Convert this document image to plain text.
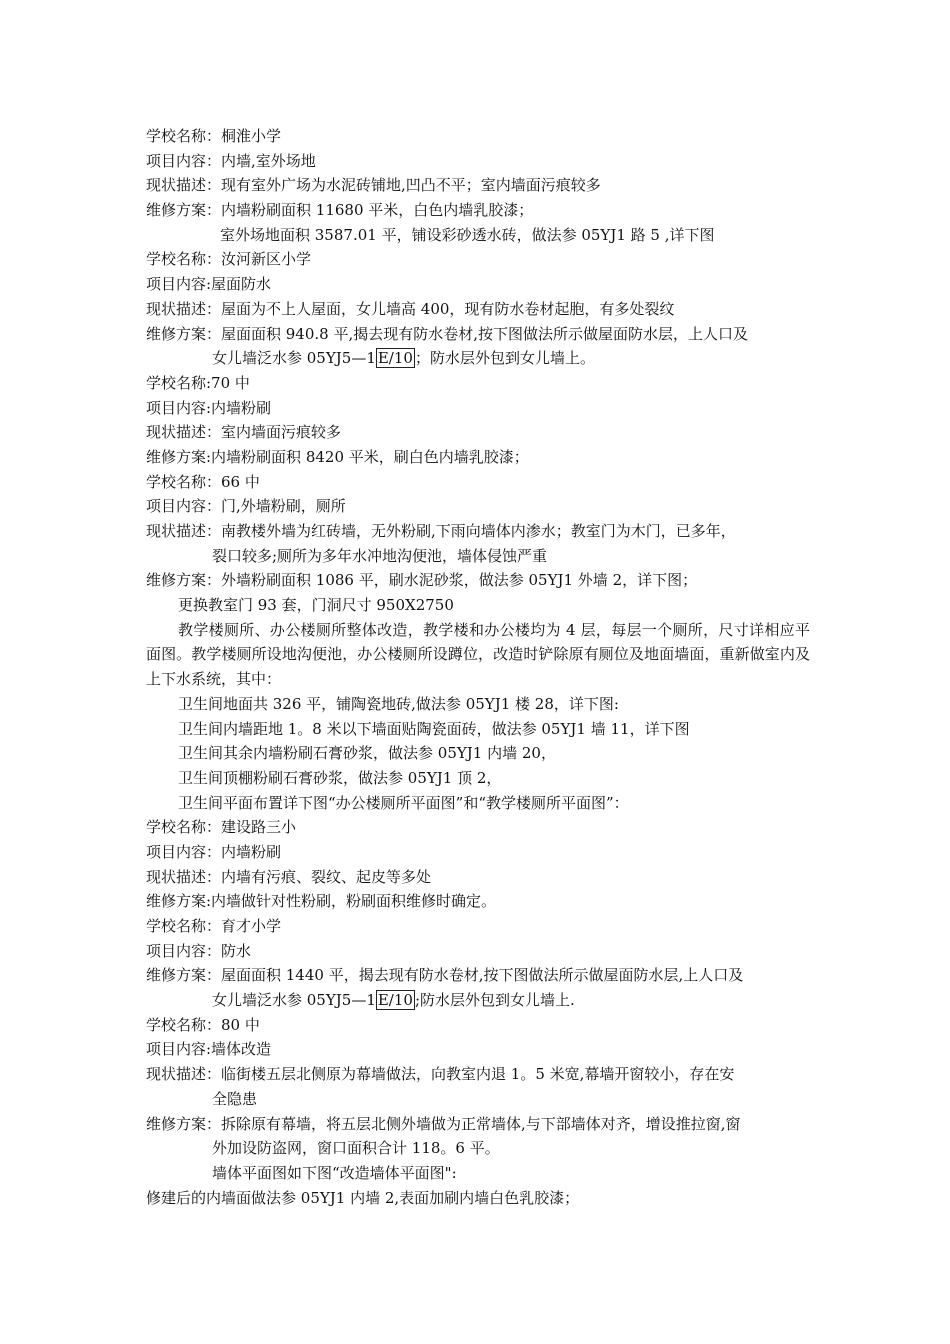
学校名称：桐淮小学
项目内容：内墙,室外场地
现状描述：现有室外广场为水泥砖铺地,凹凸不平；室内墙面污痕较多
维修方案：内墙粉刷面积 11680 平米，白色内墙乳胶漆；
室外场地面积 3587.01 平，铺设彩砂透水砖，做法参 05YJ1 路 5 ,详下图
学校名称：汝河新区小学
项目内容:屋面防水
现状描述：屋面为不上人屋面，女儿墙高 400，现有防水卷材起胞，有多处裂纹
维修方案：屋面面积 940.8 平,揭去现有防水卷材,按下图做法所示做屋面防水层，上人口及
女儿墙泛水参 05YJ5—1 E/10 ；防水层外包到女儿墙上。
学校名称:70 中
项目内容:内墙粉刷
现状描述：室内墙面污痕较多
维修方案:内墙粉刷面积 8420 平米，刷白色内墙乳胶漆；
学校名称：66 中
项目内容：门,外墙粉刷，厕所
现状描述：南教楼外墙为红砖墙，无外粉刷,下雨向墙体内渗水；教室门为木门，已多年，
裂口较多;厕所为多年水冲地沟便池，墙体侵蚀严重
维修方案：外墙粉刷面积 1086 平，刷水泥砂浆，做法参 05YJ1 外墙 2，详下图；
更换教室门 93 套，门洞尺寸 950X2750
教学楼厕所、办公楼厕所整体改造，教学楼和办公楼均为 4 层，每层一个厕所，尺寸详相应平面图。教学楼厕所设地沟便池，办公楼厕所设蹲位，改造时铲除原有厕位及地面墙面，重新做室内及上下水系统，其中：
卫生间地面共 326 平，铺陶瓷地砖,做法参 05YJ1 楼 28，详下图:
卫生间内墙距地 1。8 米以下墙面贴陶瓷面砖，做法参 05YJ1 墙 11，详下图
卫生间其余内墙粉刷石膏砂浆，做法参 05YJ1 内墙 20，
卫生间顶棚粉刷石膏砂浆，做法参 05YJ1 顶 2，
卫生间平面布置详下图“办公楼厕所平面图”和“教学楼厕所平面图”：
学校名称：建设路三小
项目内容：内墙粉刷
现状描述：内墙有污痕、裂纹、起皮等多处
维修方案:内墙做针对性粉刷，粉刷面积维修时确定。
学校名称：育才小学
项目内容：防水
维修方案：屋面面积 1440 平，揭去现有防水卷材,按下图做法所示做屋面防水层,上人口及
女儿墙泛水参 05YJ5—1 E/10 ;防水层外包到女儿墙上.
学校名称：80 中
项目内容:墙体改造
现状描述：临街楼五层北侧原为幕墙做法，向教室内退 1。5 米宽,幕墙开窗较小，存在安
全隐患
维修方案：拆除原有幕墙，将五层北侧外墙做为正常墙体,与下部墙体对齐，增设推拉窗,窗
外加设防盗网，窗口面积合计 118。6 平。
墙体平面图如下图“改造墙体平面图":
修建后的内墙面做法参 05YJ1 内墙 2,表面加刷内墙白色乳胶漆；
